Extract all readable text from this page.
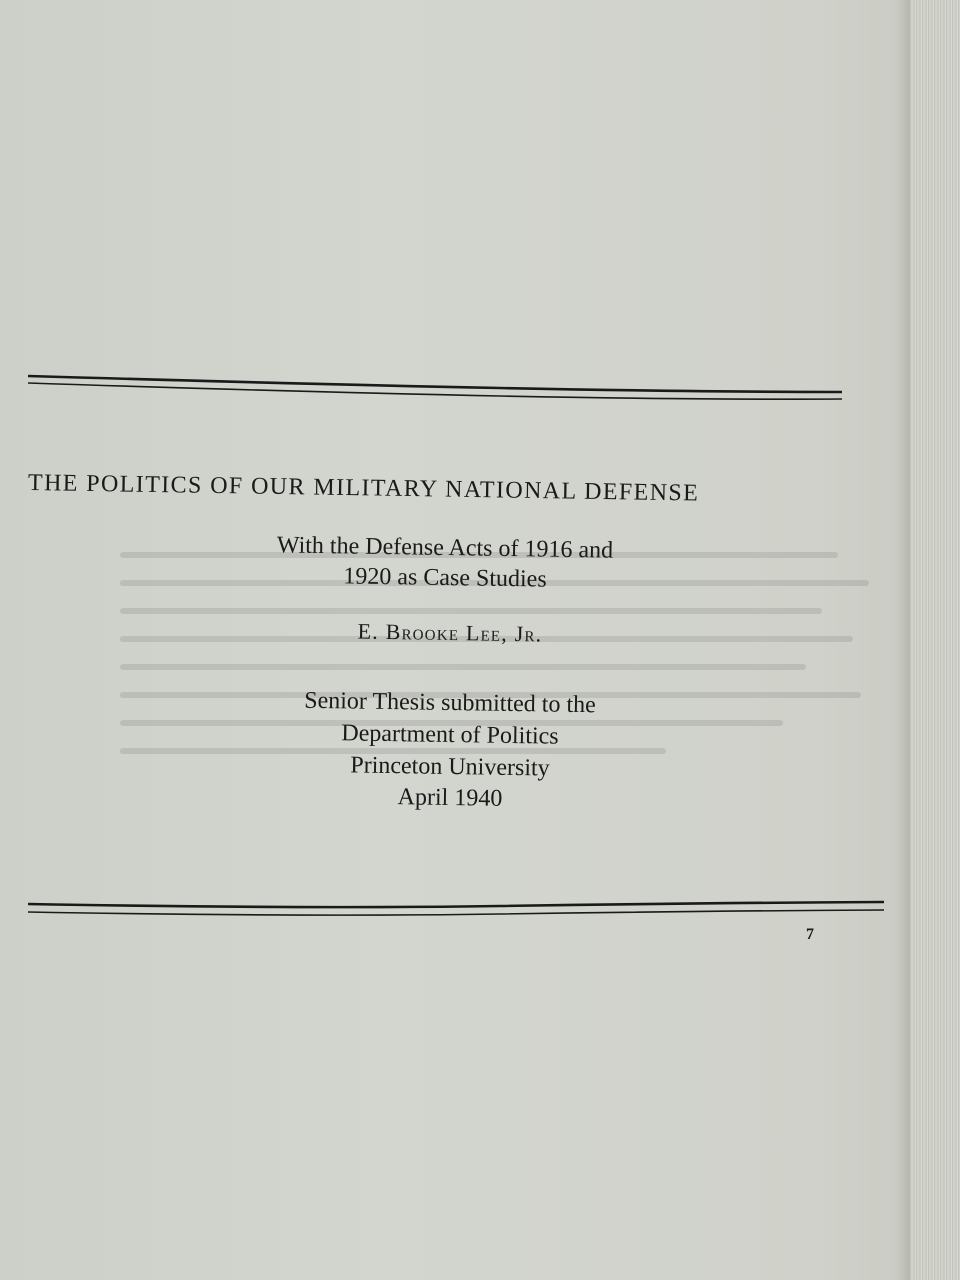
THE POLITICS OF OUR MILITARY NATIONAL DEFENSE
With the Defense Acts of 1916 and
1920 as Case Studies
E. Brooke Lee, Jr.
Senior Thesis submitted to the
Department of Politics
Princeton University
April 1940
7
